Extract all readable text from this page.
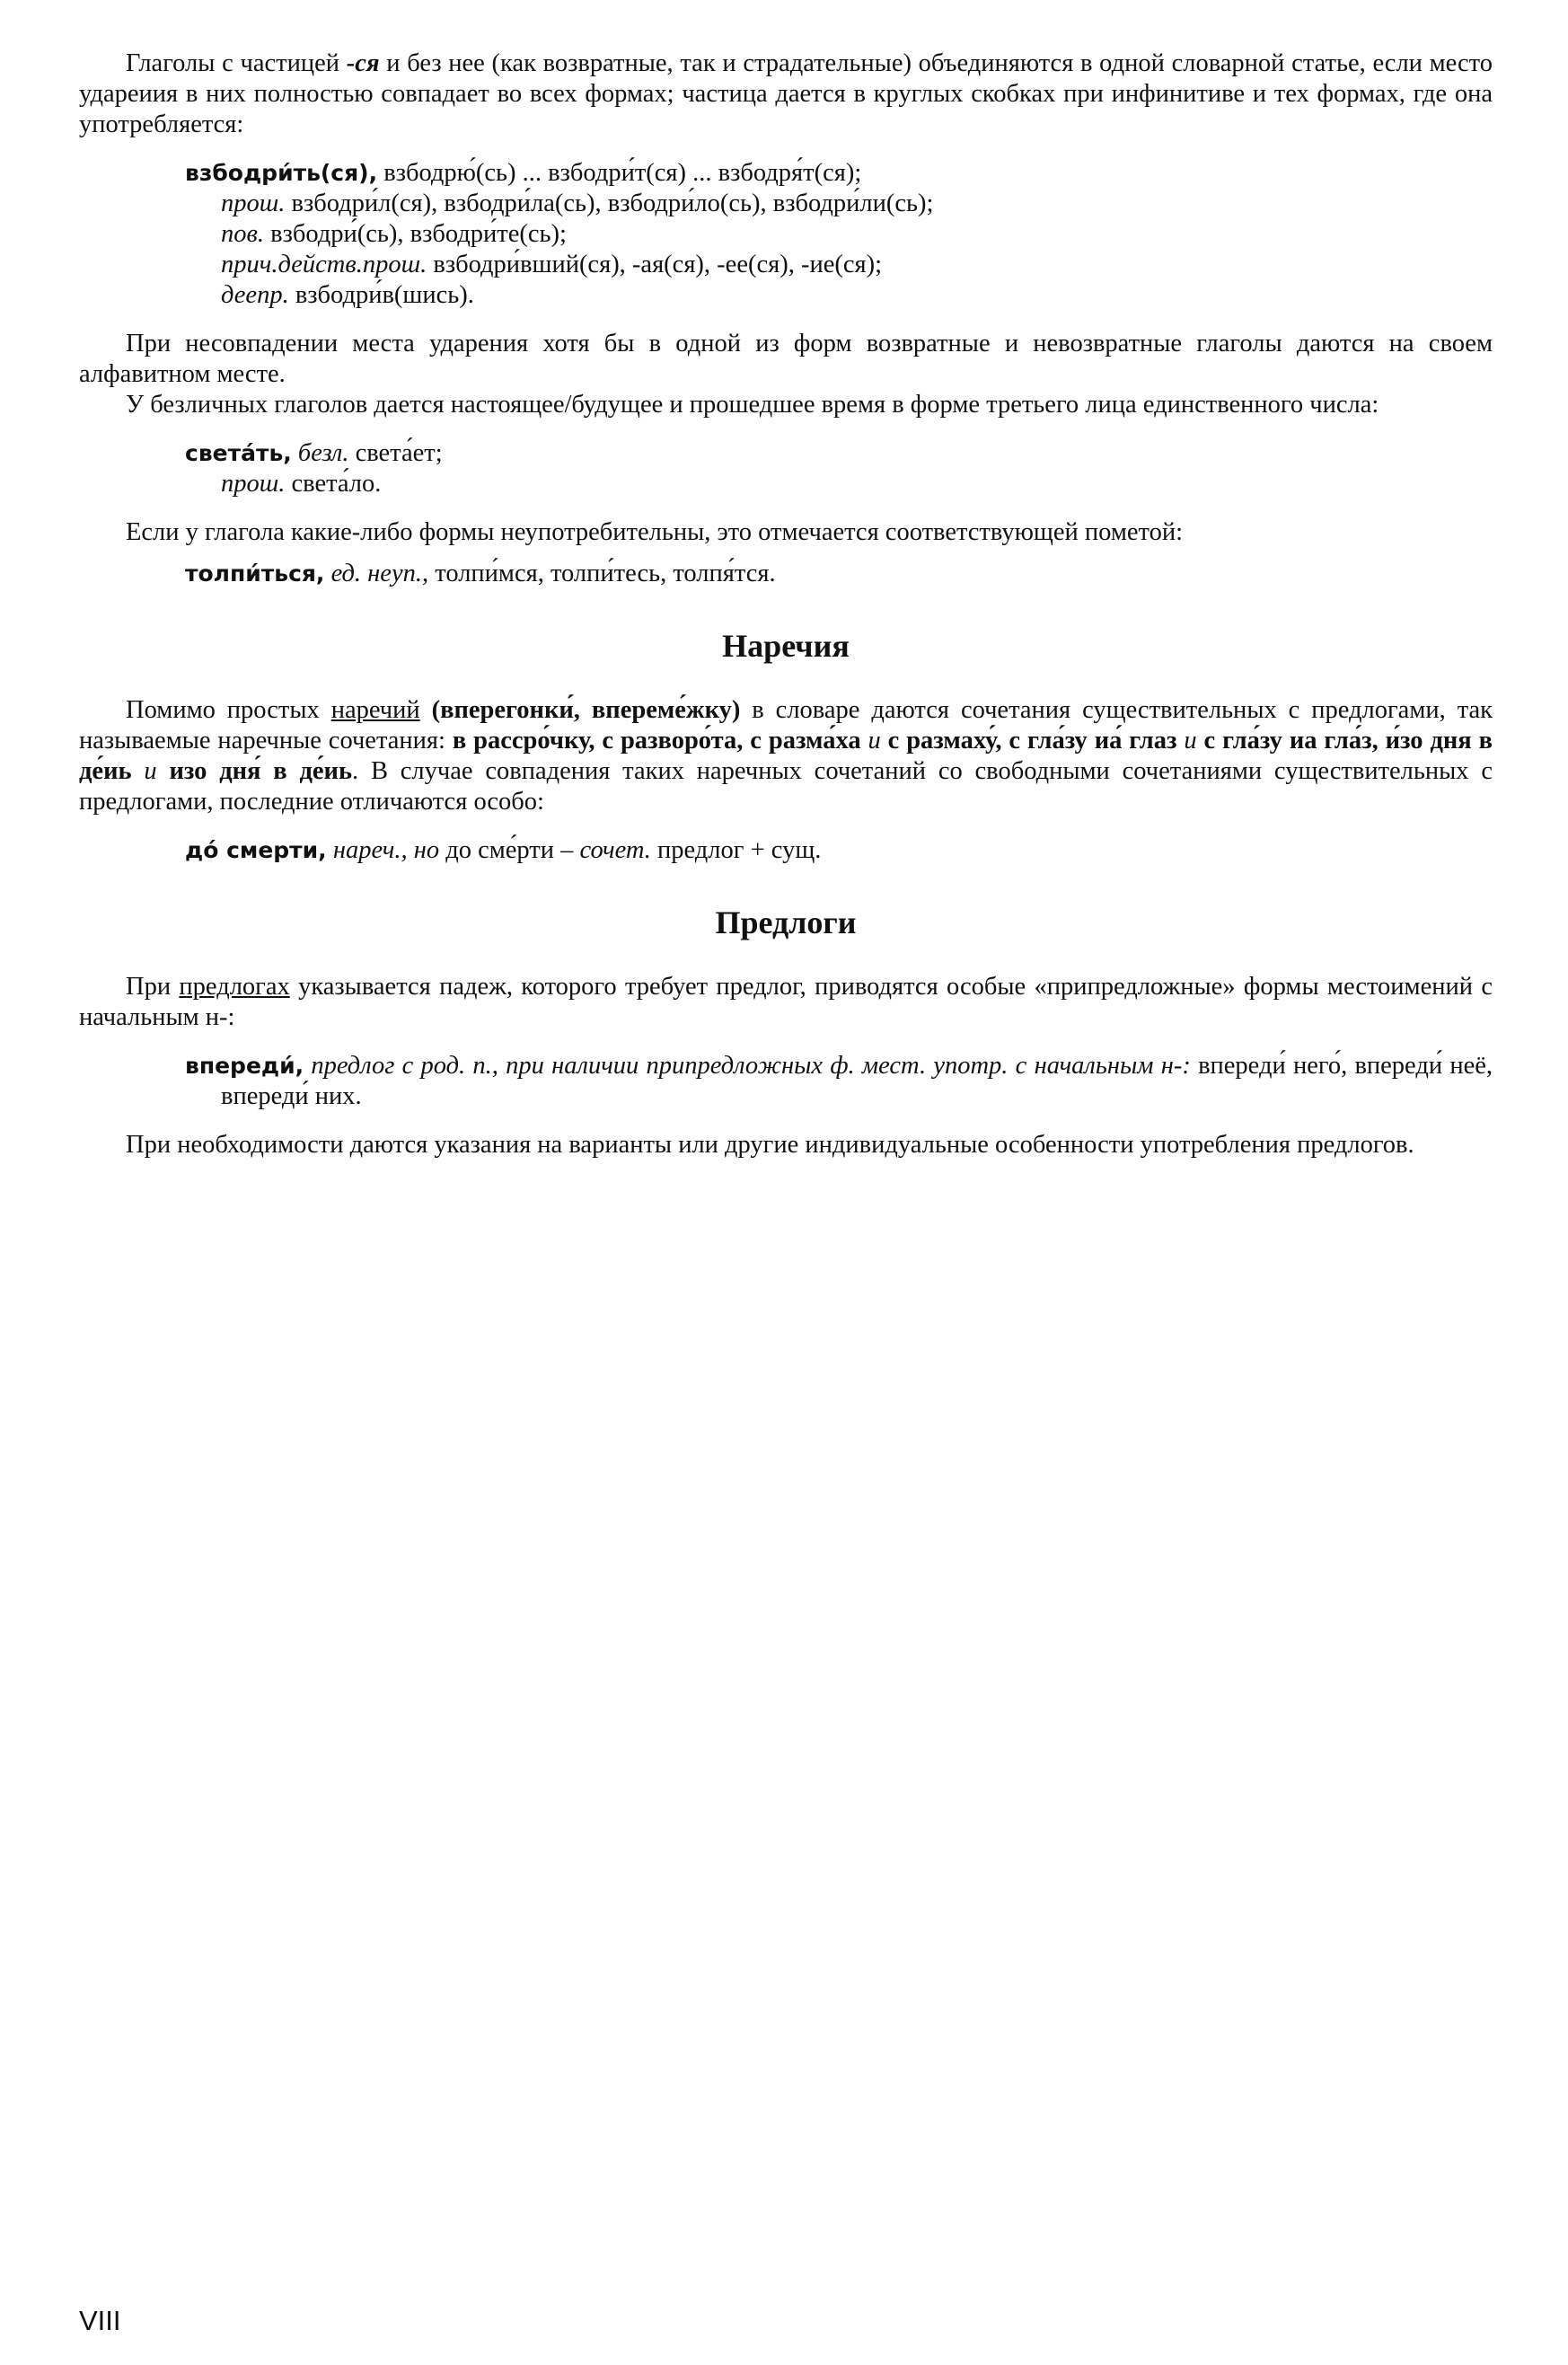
Глаголы с частицей -ся и без нее (как возвратные, так и страдательные) объединяются в одной словарной статье, если место удареиия в них полностью совпадает во всех формах; частица дается в круглых скобках при инфинитиве и тех формах, где она употребляется:

взбодри́ть(ся), взбодрю́(сь) ... взбодри́т(ся) ... взбодря́т(ся);
прош. взбодри́л(ся), взбодри́ла(сь), взбодри́ло(сь), взбодри́ли(сь);
пов. взбодри́(сь), взбодри́те(сь);
прич.действ.прош. взбодри́вший(ся), -ая(ся), -ее(ся), -ие(ся);
деепр. взбодри́в(шись).

При несовпадении места ударения хотя бы в одной из форм возвратные и невозвратные глаголы даются на своем алфавитном месте.

У безличных глаголов дается настоящее/будущее и прошедшее время в форме третьего лица единственного числа:

света́ть, безл. света́ет;
прош. света́ло.

Если у глагола какие-либо формы неупотребительны, это отмечается соответствующей пометой:

толпи́ться, ед. неуп., толпи́мся, толпи́тесь, толпя́тся.
Наречия

Помимо простых наречий (вперегонки́, впереме́жку) в словаре даются сочетания существительных с предлогами, так называемые наречные сочетания: в рассро́чку, с разворо́та, с разма́ха и с размаху́, с гла́зу иа́ глаз и с гла́зу иа гла́з, и́зо дня в де́иь и изо дня́ в де́иь. В случае совпадения таких наречных сочетаний со свободными сочетаниями существительных с предлогами, последние отличаются особо:

до́ смерти, нареч., но до сме́рти – сочет. предлог + сущ.
Предлоги

При предлогах указывается падеж, которого требует предлог, приводятся особые «припредложные» формы местоимений с начальным н-:

впереди́, предлог с род. п., при наличии припредложных ф. мест. употр. с начальным н-: впереди́ него́, впереди́ неё, впереди́ них.

При необходимости даются указания на варианты или другие индивидуальные особенности употребления предлогов.

VIII
